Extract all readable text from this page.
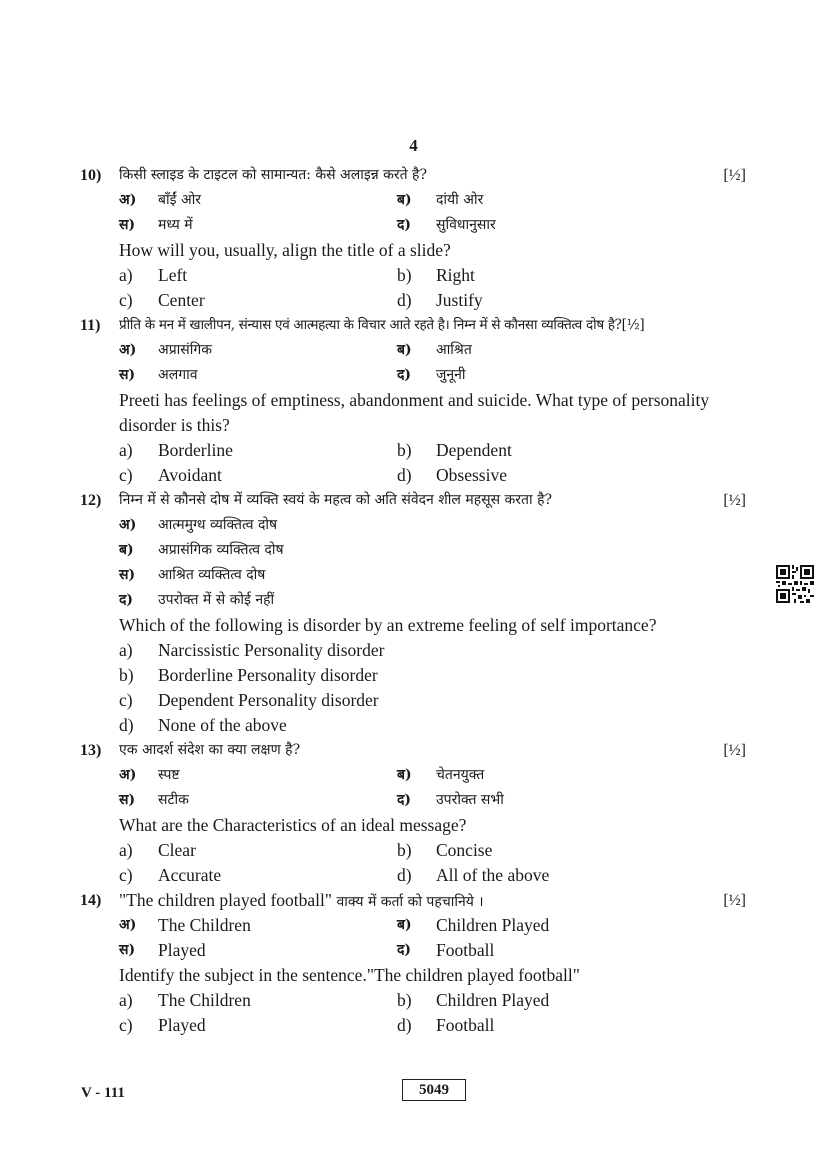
4
10) किसी स्लाइड के टाइटल को सामान्यत: कैसे अलाइन्न करते है?	[½]
अ) बाँईं ओर	ब) दांयी ओर
स) मध्य में	द) सुविधानुसार
How will you, usually, align the title of a slide?
a) Left	b) Right
c) Center	d) Justify
11) प्रीति के मन में खालीपन, संन्यास एवं आत्महत्या के विचार आते रहते है। निम्न में से कौनसा व्यक्तित्व दोष है?[½]
अ) अप्रासंगिक	ब) आश्रित
स) अलगाव	द) जुनूनी
Preeti has feelings of emptiness, abandonment and suicide. What type of personality
disorder is this?
a) Borderline	b) Dependent
c) Avoidant	d) Obsessive
12) निम्न में से कौनसे दोष में व्यक्ति स्वयं के महत्व को अति संवेदन शील महसूस करता है?	[½]
अ) आत्ममुग्ध व्यक्तित्व दोष
ब) अप्रासंगिक व्यक्तित्व दोष
स) आश्रित व्यक्तित्व दोष
द) उपरोक्त में से कोई नहीं
Which of the following is disorder by an extreme feeling of self importance?
a) Narcissistic Personality disorder
b) Borderline Personality disorder
c) Dependent Personality disorder
d) None of the above
13) एक आदर्श संदेश का क्या लक्षण है?	[½]
अ) स्पष्ट	ब) चेतनयुक्त
स) सटीक	द) उपरोक्त सभी
What are the Characteristics of an ideal message?
a) Clear	b) Concise
c) Accurate	d) All of the above
14) "The children played football" वाक्य में कर्ता को पहचानिये ।	[½]
अ) The Children	ब) Children Played
स) Played	द) Football
Identify the subject in the sentence."The children played football"
a) The Children	b) Children Played
c) Played	d) Football
V - 111	5049
